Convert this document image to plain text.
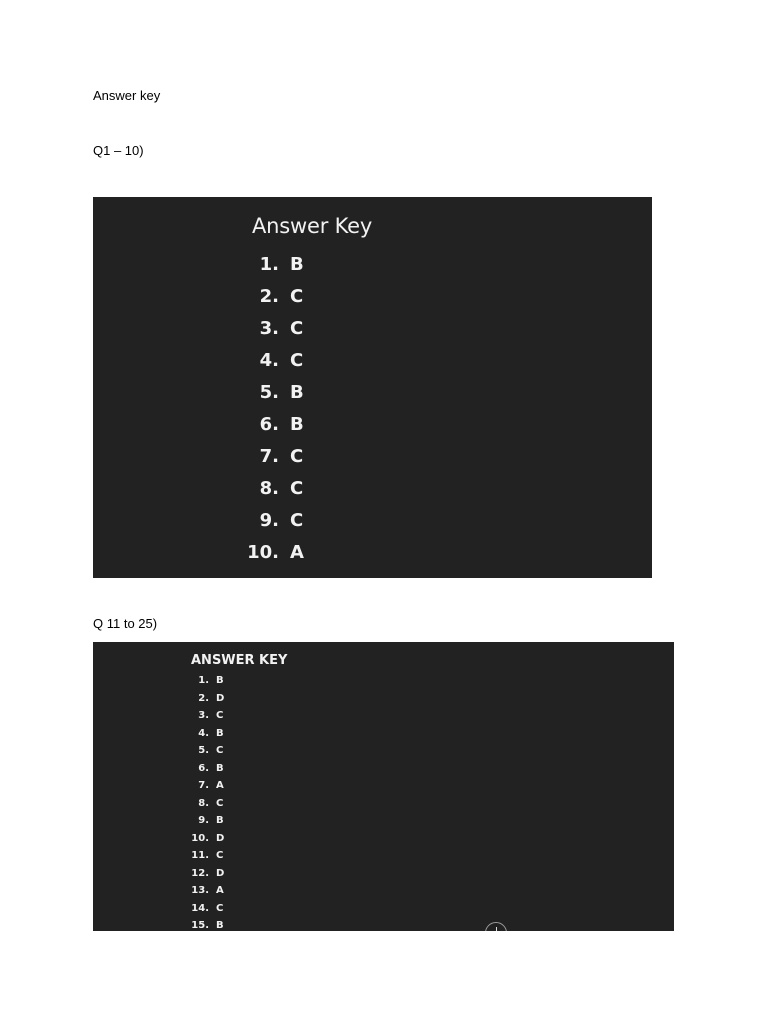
Answer key
Q1 – 10)
Answer Key
1. B
2. C
3. C
4. C
5. B
6. B
7. C
8. C
9. C
10. A
Q 11 to 25)
ANSWER KEY
1. B
2. D
3. C
4. B
5. C
6. B
7. A
8. C
9. B
10. D
11. C
12. D
13. A
14. C
15. B
